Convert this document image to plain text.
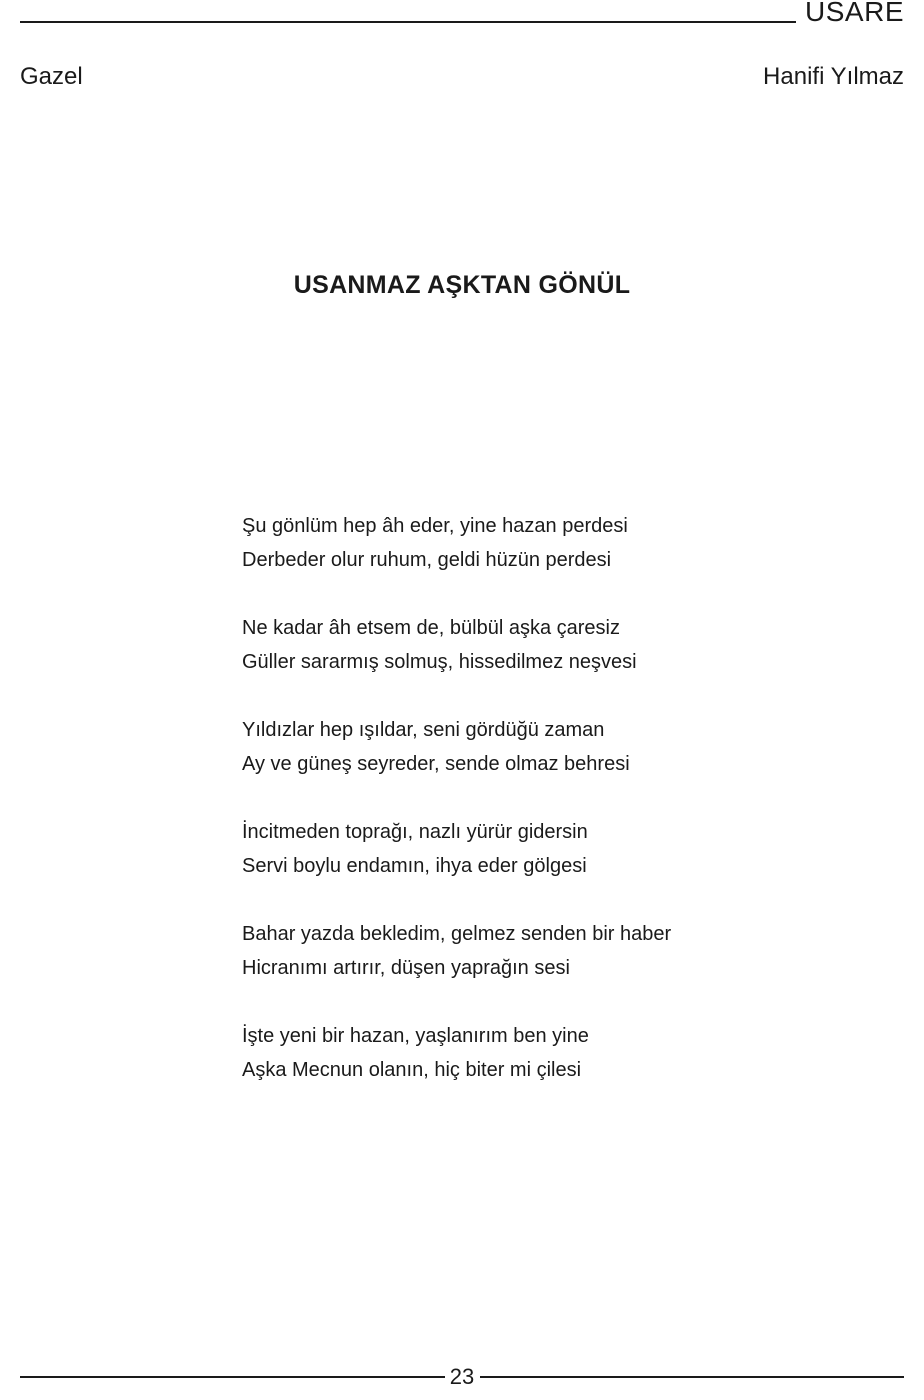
USARE
Gazel	Hanifi Yılmaz
USANMAZ AŞKTAN GÖNÜL
Şu gönlüm hep âh eder, yine hazan perdesi
Derbeder olur ruhum, geldi hüzün perdesi
Ne kadar âh etsem de, bülbül aşka çaresiz
Güller sararmış solmuş, hissedilmez neşvesi
Yıldızlar hep ışıldar, seni gördüğü zaman
Ay ve güneş seyreder, sende olmaz behresi
İncitmeden toprağı, nazlı yürür gidersin
Servi boylu endamın, ihya eder gölgesi
Bahar yazda bekledim, gelmez senden bir haber
Hicranımı artırır, düşen yaprağın sesi
İşte yeni bir hazan, yaşlanırım ben yine
Aşka Mecnun olanın, hiç biter mi çilesi
23
